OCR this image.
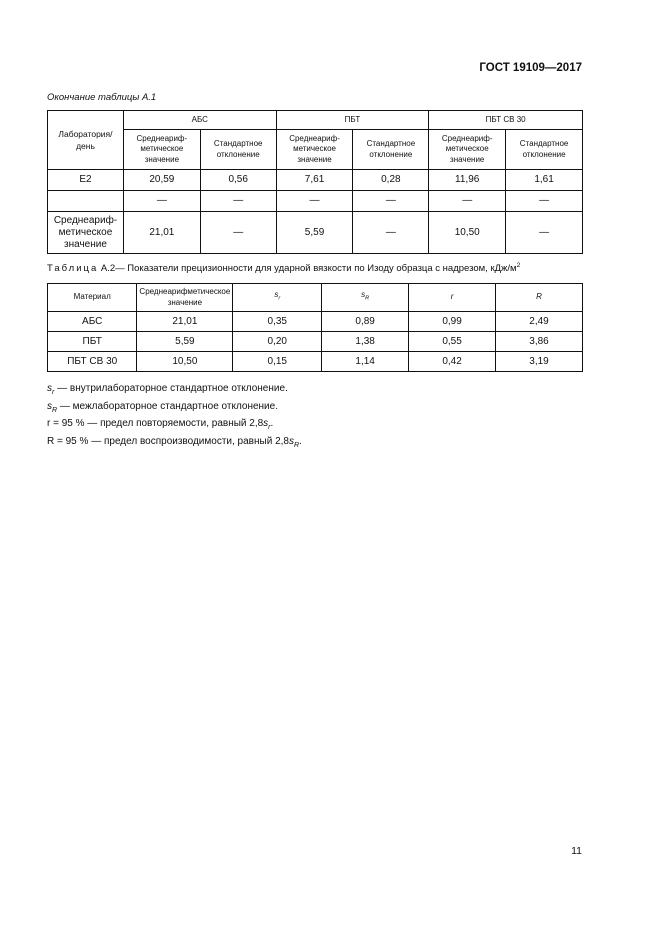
ГОСТ 19109—2017
Окончание таблицы А.1
Лаборатория/ день	АБС		ПБТ		ПБТ СВ 30	
	Среднеариф-метическое значение	Стандартное отклонение	Среднеариф-метическое значение	Стандартное отклонение	Среднеариф-метическое значение	Стандартное отклонение
Е2	20,59	0,56	7,61	0,28	11,96	1,61
	—	—	—	—	—	—
Среднеариф-метическое значение	21,01	—	5,59	—	10,50	—
Таблица А.2— Показатели прецизионности для ударной вязкости по Изоду образца с надрезом, кДж/$м^2$
Материал	Среднеарифметическое значение	$s_r$	$s_R$	r	R
АБС	21,01	0,35	0,89	0,99	2,49
ПБТ	5,59	0,20	1,38	0,55	3,86
ПБТ СВ 30	10,50	0,15	1,14	0,42	3,19
$s_r$ — внутрилабораторное стандартное отклонение.
$s_R$ — межлабораторное стандартное отклонение.
r = 95 % — предел повторяемости, равный $2,8s_r$.
R = 95 % — предел воспроизводимости, равный $2,8s_R$.
11
